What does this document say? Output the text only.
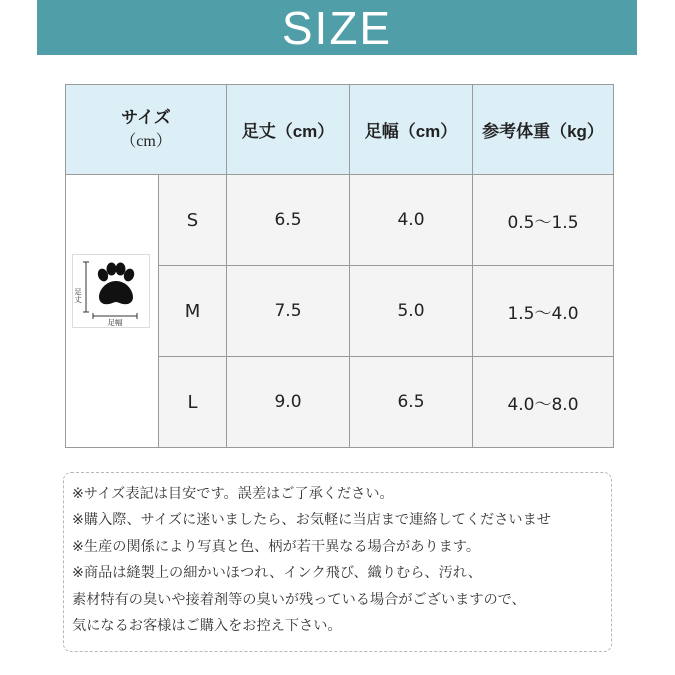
SIZE
サイズ
（cm）		足丈（cm）	足幅（cm）	参考体重（kg）

足丈
足幅	S	6.5	4.0	0.5～1.5
	M	7.5	5.0	1.5～4.0
	L	9.0	6.5	4.0～8.0
※サイズ表記は目安です。誤差はご了承ください。
※購入際、サイズに迷いましたら、お気軽に当店まで連絡してくださいませ
※生産の関係により写真と色、柄が若干異なる場合があります。
※商品は縫製上の細かいほつれ、インク飛び、織りむら、汚れ、
素材特有の臭いや接着剤等の臭いが残っている場合がございますので、
気になるお客様はご購入をお控え下さい。
